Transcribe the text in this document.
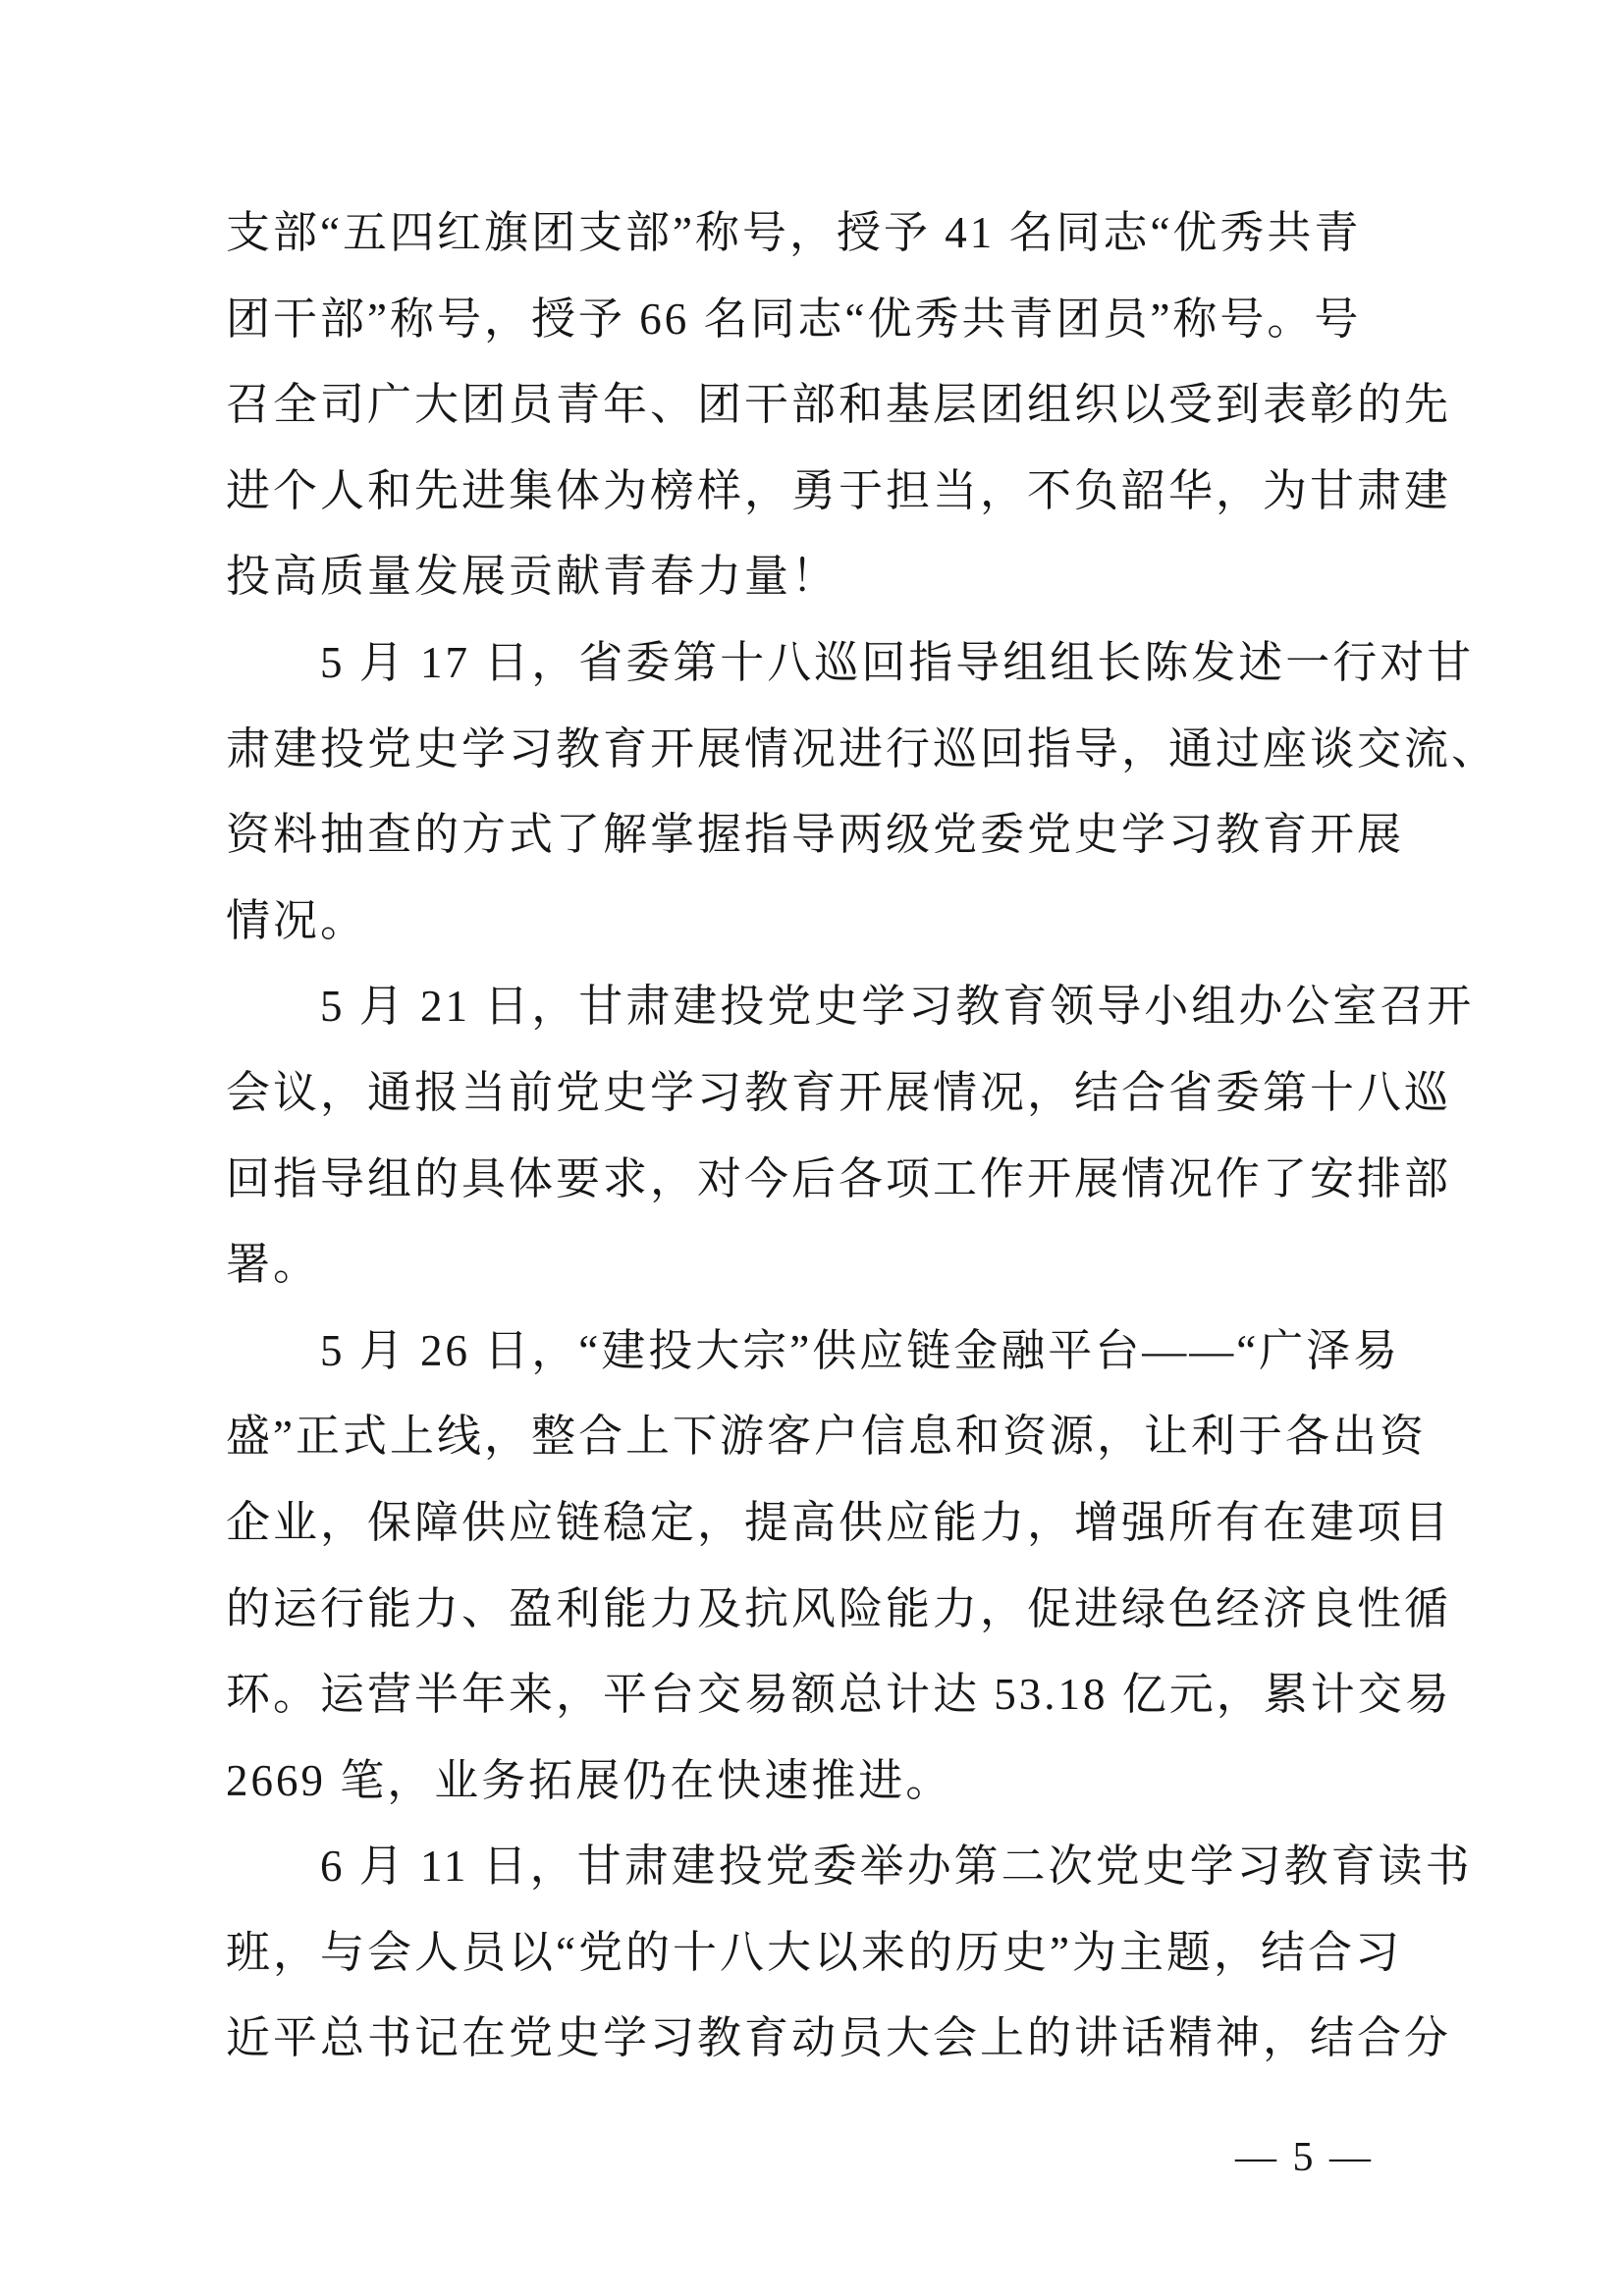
支部“五四红旗团支部”称号，授予 41 名同志“优秀共青
团干部”称号，授予 66 名同志“优秀共青团员”称号。号
召全司广大团员青年、团干部和基层团组织以受到表彰的先
进个人和先进集体为榜样，勇于担当，不负韶华，为甘肃建
投高质量发展贡献青春力量！
　　5 月 17 日，省委第十八巡回指导组组长陈发述一行对甘
肃建投党史学习教育开展情况进行巡回指导，通过座谈交流、
资料抽查的方式了解掌握指导两级党委党史学习教育开展
情况。
　　5 月 21 日，甘肃建投党史学习教育领导小组办公室召开
会议，通报当前党史学习教育开展情况，结合省委第十八巡
回指导组的具体要求，对今后各项工作开展情况作了安排部
署。
　　5 月 26 日，“建投大宗”供应链金融平台——“广泽易
盛”正式上线，整合上下游客户信息和资源，让利于各出资
企业，保障供应链稳定，提高供应能力，增强所有在建项目
的运行能力、盈利能力及抗风险能力，促进绿色经济良性循
环。运营半年来，平台交易额总计达 53.18 亿元，累计交易
2669 笔，业务拓展仍在快速推进。
　　6 月 11 日，甘肃建投党委举办第二次党史学习教育读书
班，与会人员以“党的十八大以来的历史”为主题，结合习
近平总书记在党史学习教育动员大会上的讲话精神，结合分
— 5 —
